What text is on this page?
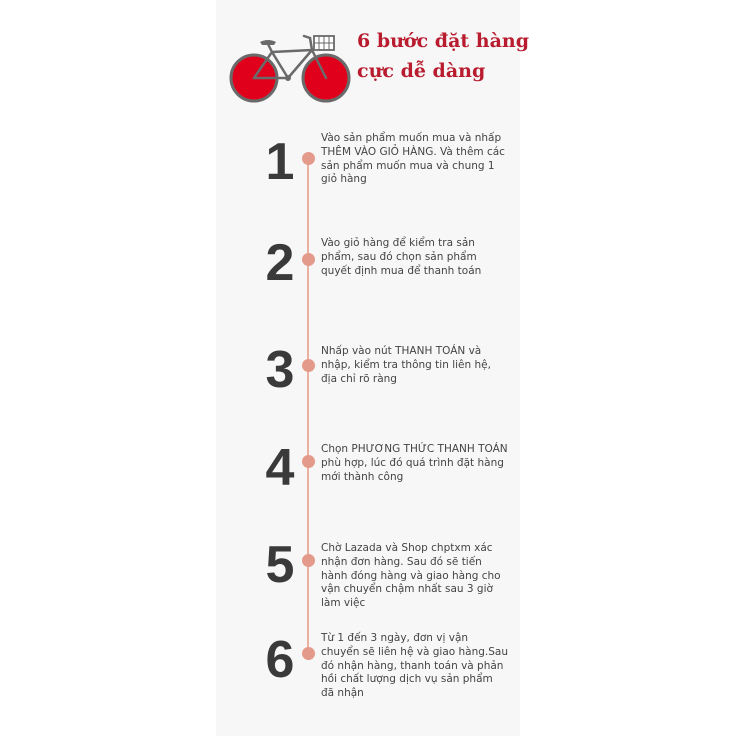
6 bước đặt hàng
cực dễ dàng
1	Vào sản phẩm muốn mua và nhấp THÊM VÀO GIỎ HÀNG. Và thêm các sản phẩm muốn mua và chung 1 giỏ hàng
2	Vào giỏ hàng để kiểm tra sản phẩm, sau đó chọn sản phẩm quyết định mua để thanh toán
3	Nhấp vào nút THANH TOÁN và nhập, kiểm tra thông tin liên hệ, địa chỉ rõ ràng
4	Chọn PHƯƠNG THỨC THANH TOÁN phù hợp, lúc đó quá trình đặt hàng mới thành công
5	Chờ Lazada và Shop chptxm xác nhận đơn hàng. Sau đó sẽ tiến hành đóng hàng và giao hàng cho vận chuyển chậm nhất sau 3 giờ làm việc
6	Từ 1 đến 3 ngày, đơn vị vận chuyển sẽ liên hệ và giao hàng.Sau đó nhận hàng, thanh toán và phản hồi chất lượng dịch vụ sản phẩm đã nhận
